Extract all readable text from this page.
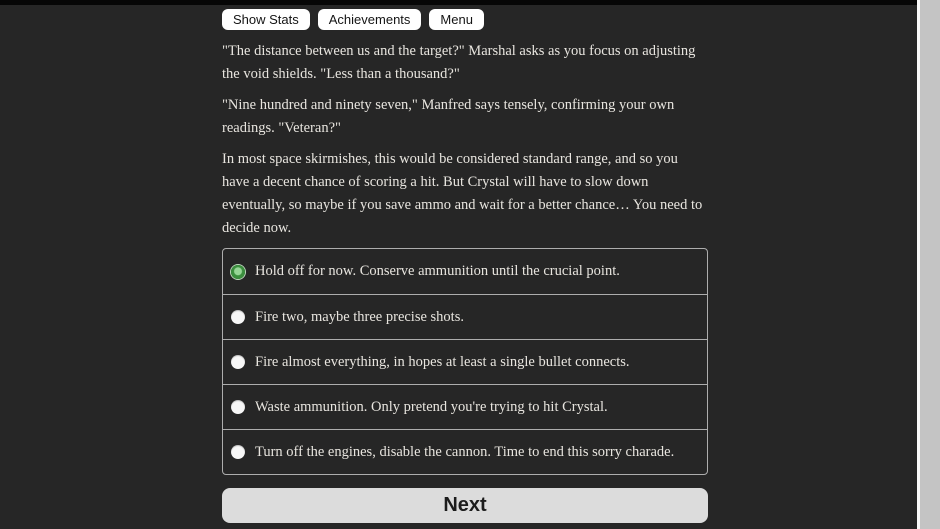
Show Stats	Achievements	Menu

"The distance between us and the target?" Marshal asks as you focus on adjusting the void shields. "Less than a thousand?"

"Nine hundred and ninety seven," Manfred says tensely, confirming your own readings. "Veteran?"

In most space skirmishes, this would be considered standard range, and so you have a decent chance of scoring a hit. But Crystal will have to slow down eventually, so maybe if you save ammo and wait for a better chance… You need to decide now.

Hold off for now. Conserve ammunition until the crucial point.
Fire two, maybe three precise shots.
Fire almost everything, in hopes at least a single bullet connects.
Waste ammunition. Only pretend you're trying to hit Crystal.
Turn off the engines, disable the cannon. Time to end this sorry charade.
Next
